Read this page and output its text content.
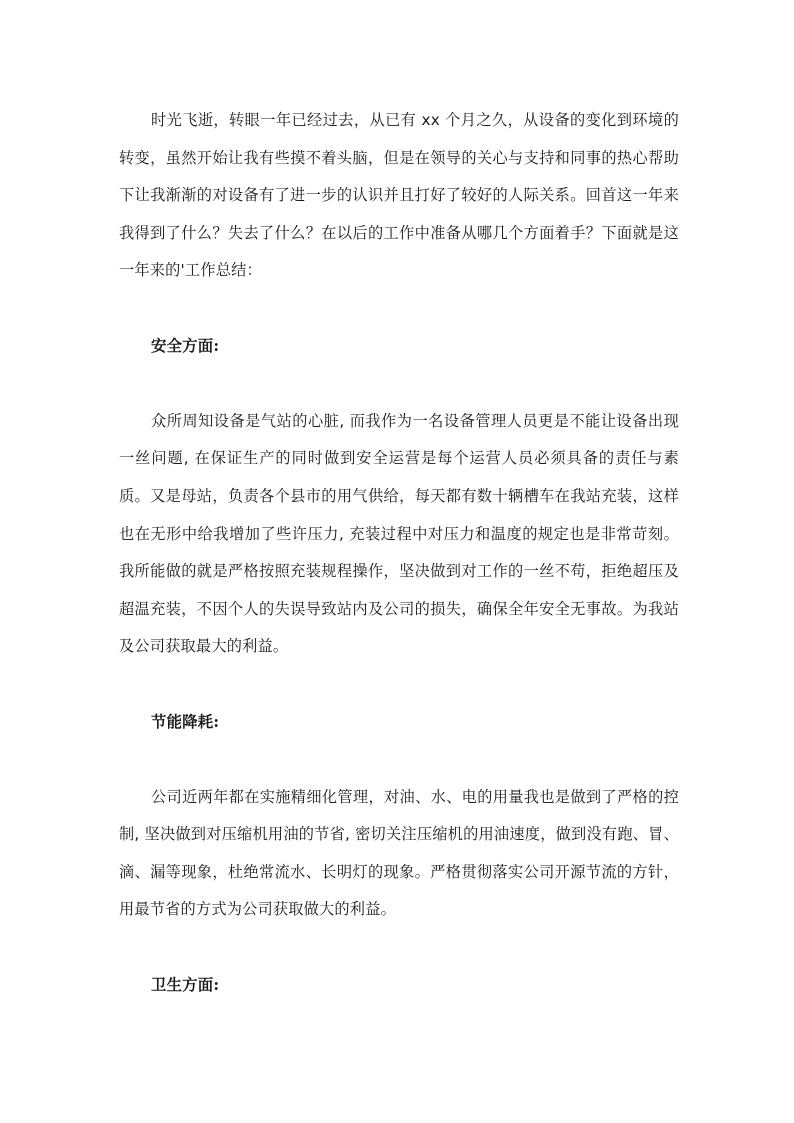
时光飞逝，转眼一年已经过去，从已有 xx 个月之久，从设备的变化到环境的转变，虽然开始让我有些摸不着头脑，但是在领导的关心与支持和同事的热心帮助下让我渐渐的对设备有了进一步的认识并且打好了较好的人际关系。回首这一年来我得到了什么？失去了什么？在以后的工作中准备从哪几个方面着手？下面就是这一年来的'工作总结：

安全方面:

众所周知设备是气站的心脏, 而我作为一名设备管理人员更是不能让设备出现一丝问题, 在保证生产的同时做到安全运营是每个运营人员必须具备的责任与素质。又是母站，负责各个县市的用气供给，每天都有数十辆槽车在我站充装，这样也在无形中给我增加了些许压力, 充装过程中对压力和温度的规定也是非常苛刻。我所能做的就是严格按照充装规程操作，坚决做到对工作的一丝不苟，拒绝超压及超温充装，不因个人的失误导致站内及公司的损失，确保全年安全无事故。为我站及公司获取最大的利益。

节能降耗:

公司近两年都在实施精细化管理，对油、水、电的用量我也是做到了严格的控制, 坚决做到对压缩机用油的节省, 密切关注压缩机的用油速度，做到没有跑、冒、滴、漏等现象，杜绝常流水、长明灯的现象。严格贯彻落实公司开源节流的方针，用最节省的方式为公司获取做大的利益。

卫生方面:
